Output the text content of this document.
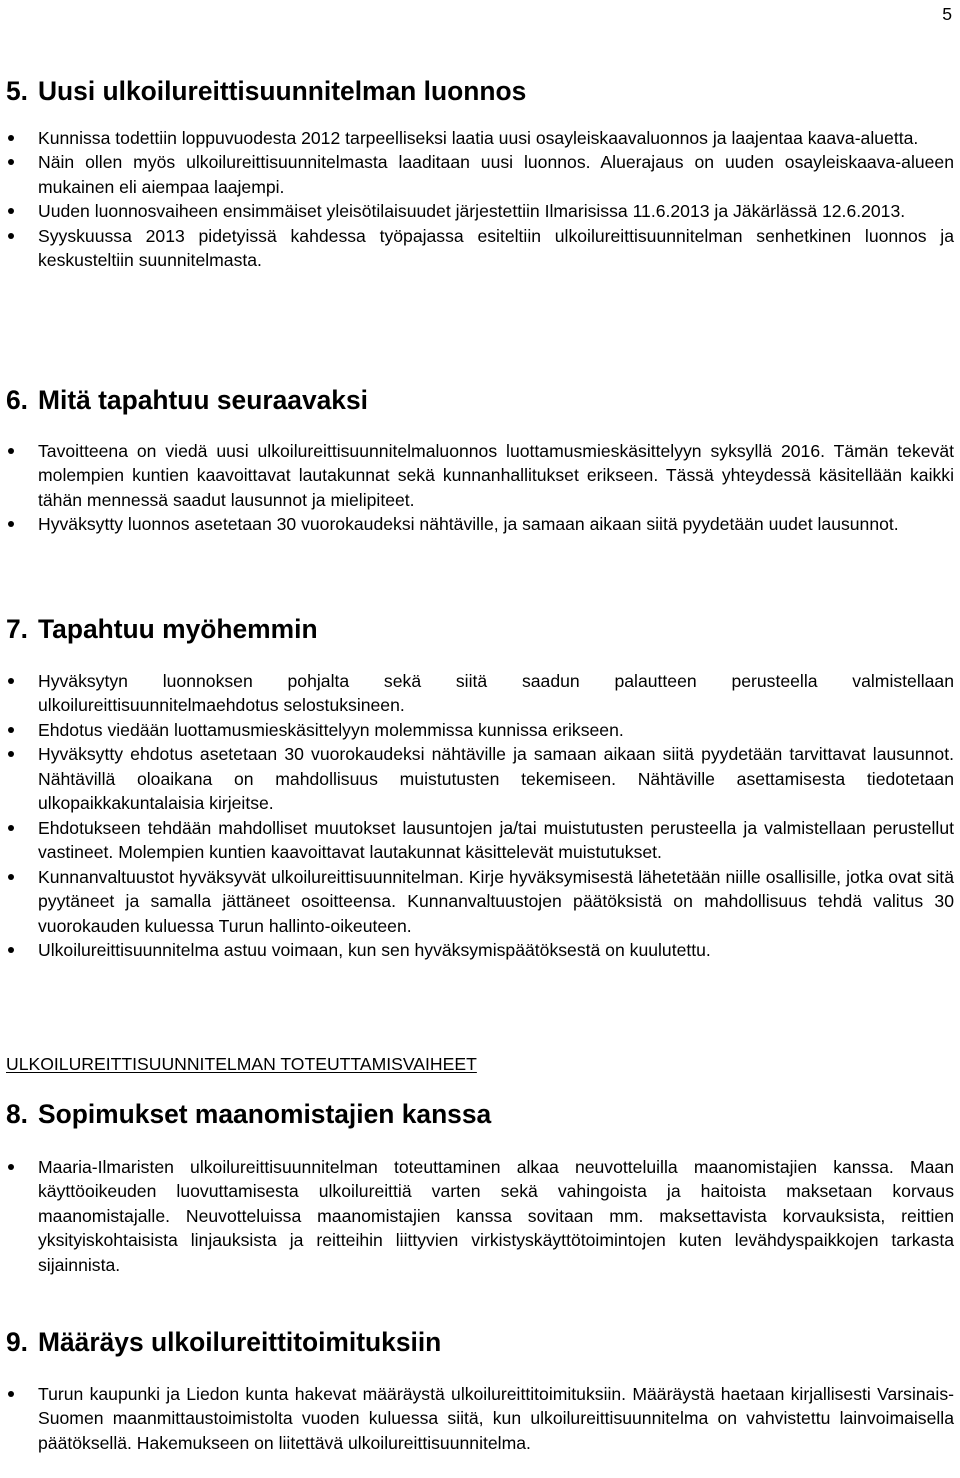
5
5. Uusi ulkoilureittisuunnitelman luonnos
Kunnissa todettiin loppuvuodesta 2012 tarpeelliseksi laatia uusi osayleiskaavaluonnos ja laajentaa kaava-aluetta.
Näin ollen myös ulkoilureittisuunnitelmasta laaditaan uusi luonnos. Aluerajaus on uuden osayleiskaava-alueen mukainen eli aiempaa laajempi.
Uuden luonnosvaiheen ensimmäiset yleisötilaisuudet järjestettiin Ilmarisissa 11.6.2013 ja Jäkärlässä 12.6.2013.
Syyskuussa 2013 pidetyissä kahdessa työpajassa esiteltiin ulkoilureittisuunnitelman senhetkinen luonnos ja keskusteltiin suunnitelmasta.
6. Mitä tapahtuu seuraavaksi
Tavoitteena on viedä uusi ulkoilureittisuunnitelmaluonnos luottamusmieskäsittelyyn syksyllä 2016. Tämän tekevät molempien kuntien kaavoittavat lautakunnat sekä kunnanhallitukset erikseen. Tässä yhteydessä käsitellään kaikki tähän mennessä saadut lausunnot ja mielipiteet.
Hyväksytty luonnos asetetaan 30 vuorokaudeksi nähtäville, ja samaan aikaan siitä pyydetään uudet lausunnot.
7. Tapahtuu myöhemmin
Hyväksytyn luonnoksen pohjalta sekä siitä saadun palautteen perusteella valmistellaan ulkoilureittisuunnitelmaehdotus selostuksineen.
Ehdotus viedään luottamusmieskäsittelyyn molemmissa kunnissa erikseen.
Hyväksytty ehdotus asetetaan 30 vuorokaudeksi nähtäville ja samaan aikaan siitä pyydetään tarvittavat lausunnot. Nähtävillä oloaikana on mahdollisuus muistutusten tekemiseen. Nähtäville asettamisesta tiedotetaan ulkopaikkakuntalaisia kirjeitse.
Ehdotukseen tehdään mahdolliset muutokset lausuntojen ja/tai muistutusten perusteella ja valmistellaan perustellut vastineet. Molempien kuntien kaavoittavat lautakunnat käsittelevät muistutukset.
Kunnanvaltuustot hyväksyvät ulkoilureittisuunnitelman. Kirje hyväksymisestä lähetetään niille osallisille, jotka ovat sitä pyytäneet ja samalla jättäneet osoitteensa. Kunnanvaltuustojen päätöksistä on mahdollisuus tehdä valitus 30 vuorokauden kuluessa Turun hallinto-oikeuteen.
Ulkoilureittisuunnitelma astuu voimaan, kun sen hyväksymispäätöksestä on kuulutettu.
ULKOILUREITTISUUNNITELMAN TOTEUTTAMISVAIHEET
8. Sopimukset maanomistajien kanssa
Maaria-Ilmaristen ulkoilureittisuunnitelman toteuttaminen alkaa neuvotteluilla maanomistajien kanssa. Maan käyttöoikeuden luovuttamisesta ulkoilureittiä varten sekä vahingoista ja haitoista maksetaan korvaus maanomistajalle. Neuvotteluissa maanomistajien kanssa sovitaan mm. maksettavista korvauksista, reittien yksityiskohtaisista linjauksista ja reitteihin liittyvien virkistyskäyttötoimintojen kuten levähdyspaikkojen tarkasta sijainnista.
9. Määräys ulkoilureittitoimituksiin
Turun kaupunki ja Liedon kunta hakevat määräystä ulkoilureittitoimituksiin. Määräystä haetaan kirjallisesti Varsinais-Suomen maanmittaustoimistolta vuoden kuluessa siitä, kun ulkoilureittisuunnitelma on vahvistettu lainvoimaisella päätöksellä. Hakemukseen on liitettävä ulkoilureittisuunnitelma.
